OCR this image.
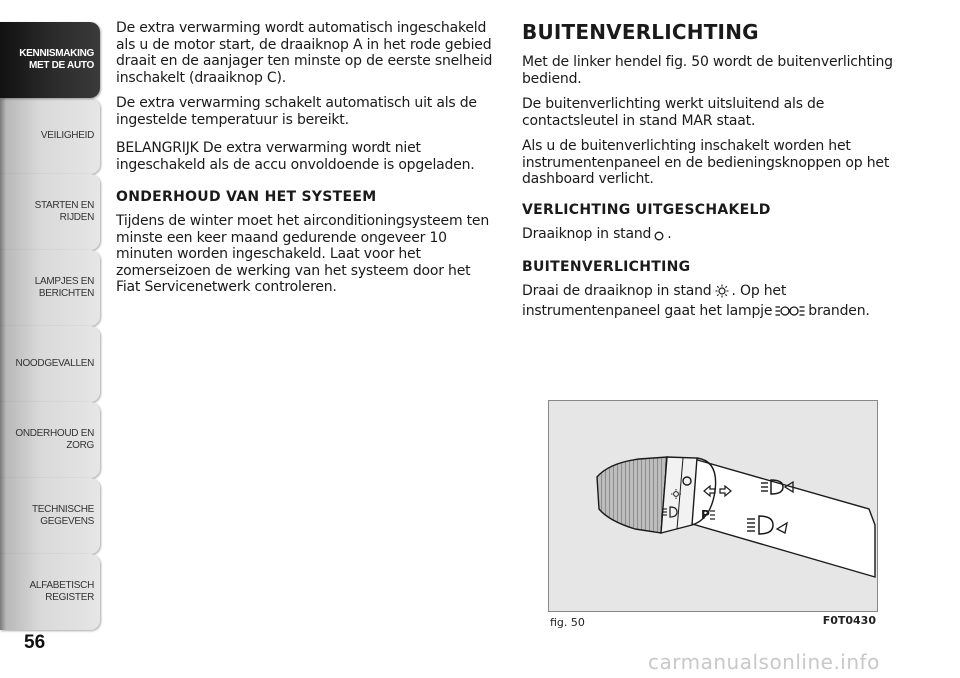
KENNISMAKING
MET DE AUTO
VEILIGHEID
STARTEN EN RIJDEN
LAMPJES EN
BERICHTEN
NOODGEVALLEN
ONDERHOUD EN
ZORG
TECHNISCHE
GEGEVENS
ALFABETISCH
REGISTER
56

De extra verwarming wordt automatisch ingeschakeld als u de motor start, de draaiknop A in het rode gebied draait en de aanjager ten minste op de eerste snelheid inschakelt (draaiknop C).

De extra verwarming schakelt automatisch uit als de ingestelde temperatuur is bereikt.

BELANGRIJK De extra verwarming wordt niet ingeschakeld als de accu onvoldoende is opgeladen.

ONDERHOUD VAN HET SYSTEEM

Tijdens de winter moet het airconditioningsysteem ten minste een keer maand gedurende ongeveer 10 minuten worden ingeschakeld. Laat voor het zomerseizoen de werking van het systeem door het Fiat Servicenetwerk controleren.

BUITENVERLICHTING

Met de linker hendel fig. 50 wordt de buitenverlichting bediend.

De buitenverlichting werkt uitsluitend als de contactsleutel in stand MAR staat.

Als u de buitenverlichting inschakelt worden het instrumentenpaneel en de bedieningsknoppen op het dashboard verlicht.

VERLICHTING UITGESCHAKELD

Draaiknop in stand .

BUITENVERLICHTING

Draai de draaiknop in stand . Op het instrumentenpaneel gaat het lampje	branden.

P
fig. 50	F0T0430
carmanualsonline.info
